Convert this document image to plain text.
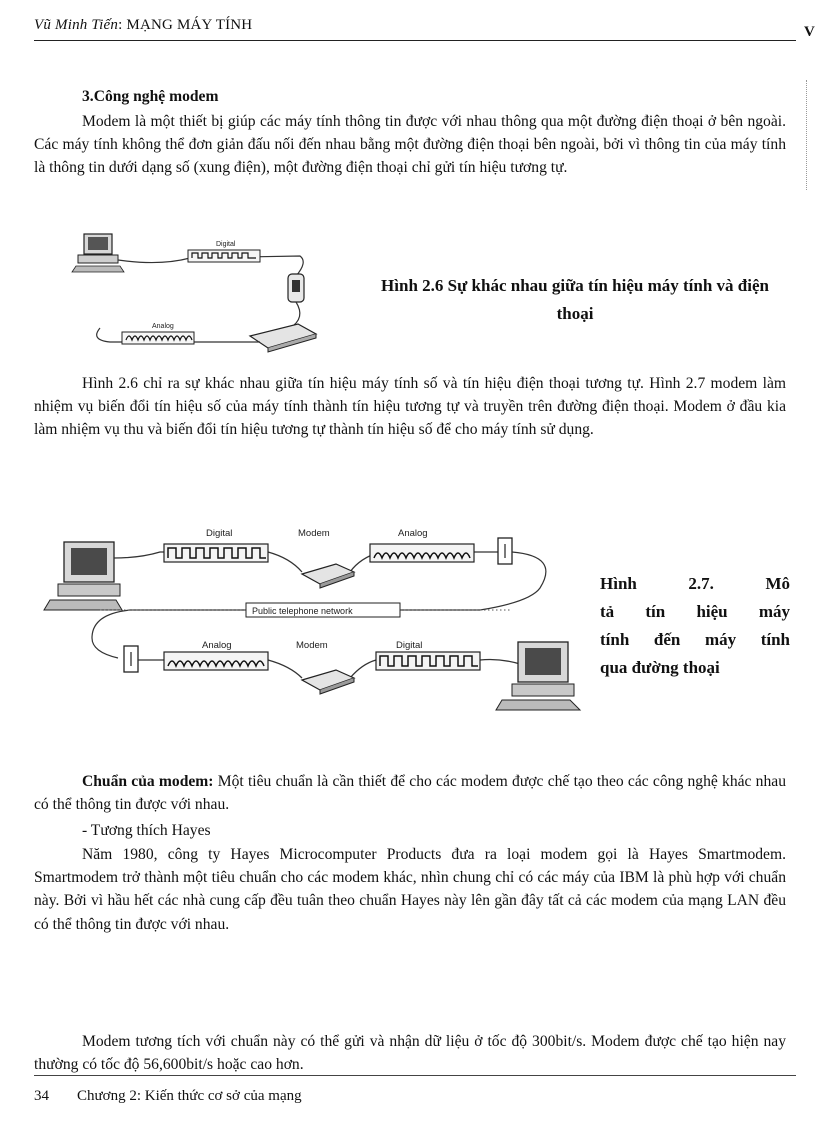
Vũ Minh Tiến: MẠNG MÁY TÍNH	V
3.Công nghệ modem
Modem là một thiết bị giúp các máy tính thông tin được với nhau thông qua một đường điện thoại ở bên ngoài. Các máy tính không thể đơn giản đấu nối đến nhau bằng một đường điện thoại bên ngoài, bởi vì thông tin của máy tính là thông tin dưới dạng số (xung điện), một đường điện thoại chỉ gửi tín hiệu tương tự.
Digital
Analog
Hình 2.6 Sự khác nhau giữa tín hiệu máy tính và điện thoại
Hình 2.6 chỉ ra sự khác nhau giữa tín hiệu máy tính số và tín hiệu điện thoại tương tự. Hình 2.7 modem làm nhiệm vụ biến đổi tín hiệu số của máy tính thành tín hiệu tương tự và truyền trên đường điện thoại. Modem ở đầu kia làm nhiệm vụ thu và biến đổi tín hiệu tương tự thành tín hiệu số để cho máy tính sử dụng.
Digital	Modem	Analog
Public telephone network
Analog	Modem	Digital
Hình 2.7. Mô
tả tín hiệu máy
tính đến máy tính
qua đường thoại
Chuẩn của modem: Một tiêu chuẩn là cần thiết để cho các modem được chế tạo theo các công nghệ khác nhau có thể thông tin được với nhau.
- Tương thích Hayes
Năm 1980, công ty Hayes Microcomputer Products đưa ra loại modem gọi là Hayes Smartmodem. Smartmodem trở thành một tiêu chuẩn cho các modem khác, nhìn chung chỉ có các máy của IBM là phù hợp với chuẩn này. Bởi vì hầu hết các nhà cung cấp đều tuân theo chuẩn Hayes này lên gần đây tất cả các modem của mạng LAN đều có thể thông tin được với nhau.
Modem tương tích với chuẩn này có thể gửi và nhận dữ liệu ở tốc độ 300bit/s. Modem được chế tạo hiện nay thường có tốc độ 56,600bit/s hoặc cao hơn.
34 Chương 2: Kiến thức cơ sở của mạng
